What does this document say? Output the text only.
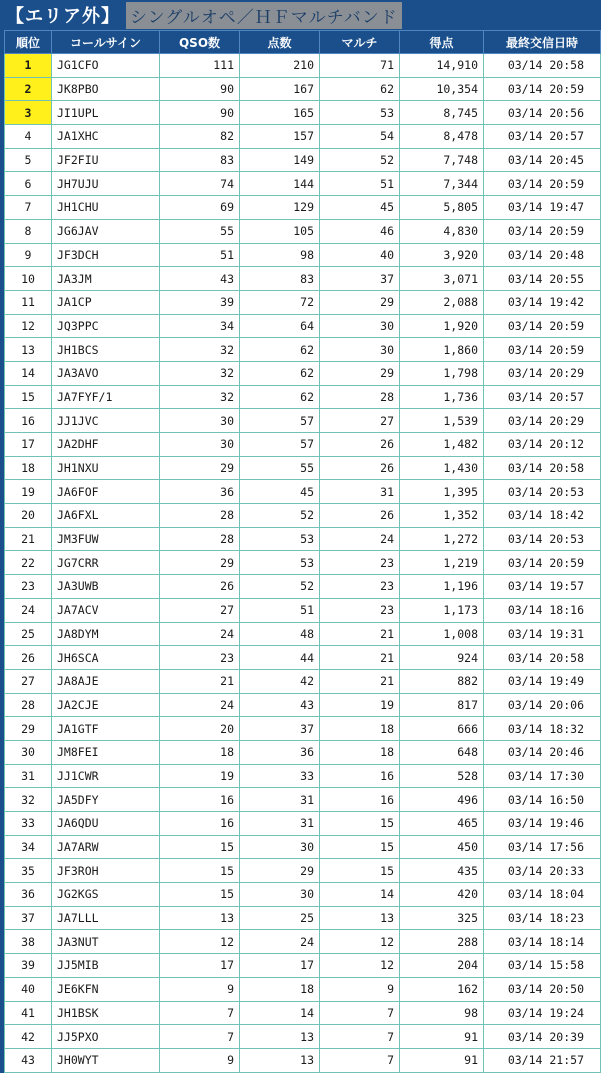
【エリア外】 シングルオペ／ＨＦマルチバンド
順位	コールサイン	QSO数	点数	マルチ	得点	最終交信日時
1	JG1CFO	111	210	71	14,910	03/14 20:58
2	JK8PBO	90	167	62	10,354	03/14 20:59
3	JI1UPL	90	165	53	8,745	03/14 20:56
4	JA1XHC	82	157	54	8,478	03/14 20:57
5	JF2FIU	83	149	52	7,748	03/14 20:45
6	JH7UJU	74	144	51	7,344	03/14 20:59
7	JH1CHU	69	129	45	5,805	03/14 19:47
8	JG6JAV	55	105	46	4,830	03/14 20:59
9	JF3DCH	51	98	40	3,920	03/14 20:48
10	JA3JM	43	83	37	3,071	03/14 20:55
11	JA1CP	39	72	29	2,088	03/14 19:42
12	JQ3PPC	34	64	30	1,920	03/14 20:59
13	JH1BCS	32	62	30	1,860	03/14 20:59
14	JA3AVO	32	62	29	1,798	03/14 20:29
15	JA7FYF/1	32	62	28	1,736	03/14 20:57
16	JJ1JVC	30	57	27	1,539	03/14 20:29
17	JA2DHF	30	57	26	1,482	03/14 20:12
18	JH1NXU	29	55	26	1,430	03/14 20:58
19	JA6FOF	36	45	31	1,395	03/14 20:53
20	JA6FXL	28	52	26	1,352	03/14 18:42
21	JM3FUW	28	53	24	1,272	03/14 20:53
22	JG7CRR	29	53	23	1,219	03/14 20:59
23	JA3UWB	26	52	23	1,196	03/14 19:57
24	JA7ACV	27	51	23	1,173	03/14 18:16
25	JA8DYM	24	48	21	1,008	03/14 19:31
26	JH6SCA	23	44	21	924	03/14 20:58
27	JA8AJE	21	42	21	882	03/14 19:49
28	JA2CJE	24	43	19	817	03/14 20:06
29	JA1GTF	20	37	18	666	03/14 18:32
30	JM8FEI	18	36	18	648	03/14 20:46
31	JJ1CWR	19	33	16	528	03/14 17:30
32	JA5DFY	16	31	16	496	03/14 16:50
33	JA6QDU	16	31	15	465	03/14 19:46
34	JA7ARW	15	30	15	450	03/14 17:56
35	JF3ROH	15	29	15	435	03/14 20:33
36	JG2KGS	15	30	14	420	03/14 18:04
37	JA7LLL	13	25	13	325	03/14 18:23
38	JA3NUT	12	24	12	288	03/14 18:14
39	JJ5MIB	17	17	12	204	03/14 15:58
40	JE6KFN	9	18	9	162	03/14 20:50
41	JH1BSK	7	14	7	98	03/14 19:24
42	JJ5PXO	7	13	7	91	03/14 20:39
43	JH0WYT	9	13	7	91	03/14 21:57
